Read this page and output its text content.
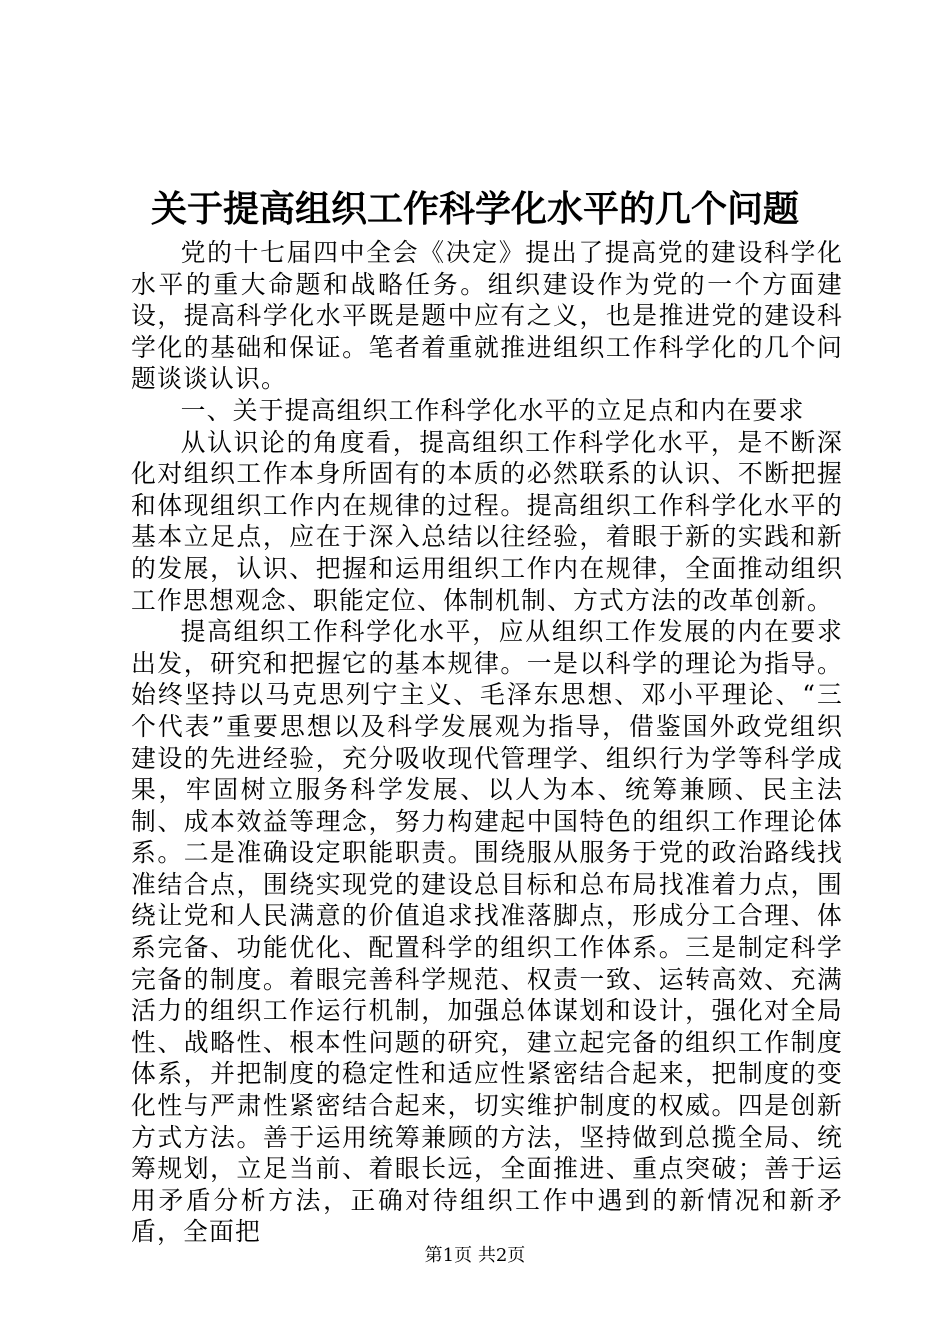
关于提高组织工作科学化水平的几个问题

党的十七届四中全会《决定》提出了提高党的建设科学化水平的重大命题和战略任务。组织建设作为党的一个方面建设，提高科学化水平既是题中应有之义，也是推进党的建设科学化的基础和保证。笔者着重就推进组织工作科学化的几个问题谈谈认识。

一、关于提高组织工作科学化水平的立足点和内在要求

从认识论的角度看，提高组织工作科学化水平，是不断深化对组织工作本身所固有的本质的必然联系的认识、不断把握和体现组织工作内在规律的过程。提高组织工作科学化水平的基本立足点，应在于深入总结以往经验，着眼于新的实践和新的发展，认识、把握和运用组织工作内在规律，全面推动组织工作思想观念、职能定位、体制机制、方式方法的改革创新。

提高组织工作科学化水平，应从组织工作发展的内在要求出发，研究和把握它的基本规律。一是以科学的理论为指导。始终坚持以马克思列宁主义、毛泽东思想、邓小平理论、“三个代表”重要思想以及科学发展观为指导，借鉴国外政党组织建设的先进经验，充分吸收现代管理学、组织行为学等科学成果，牢固树立服务科学发展、以人为本、统筹兼顾、民主法制、成本效益等理念，努力构建起中国特色的组织工作理论体系。二是准确设定职能职责。围绕服从服务于党的政治路线找准结合点，围绕实现党的建设总目标和总布局找准着力点，围绕让党和人民满意的价值追求找准落脚点，形成分工合理、体系完备、功能优化、配置科学的组织工作体系。三是制定科学完备的制度。着眼完善科学规范、权责一致、运转高效、充满活力的组织工作运行机制，加强总体谋划和设计，强化对全局性、战略性、根本性问题的研究，建立起完备的组织工作制度体系，并把制度的稳定性和适应性紧密结合起来，把制度的变化性与严肃性紧密结合起来，切实维护制度的权威。四是创新方式方法。善于运用统筹兼顾的方法，坚持做到总揽全局、统筹规划，立足当前、着眼长远，全面推进、重点突破；善于运用矛盾分析方法，正确对待组织工作中遇到的新情况和新矛盾，全面把

第1页 共2页
